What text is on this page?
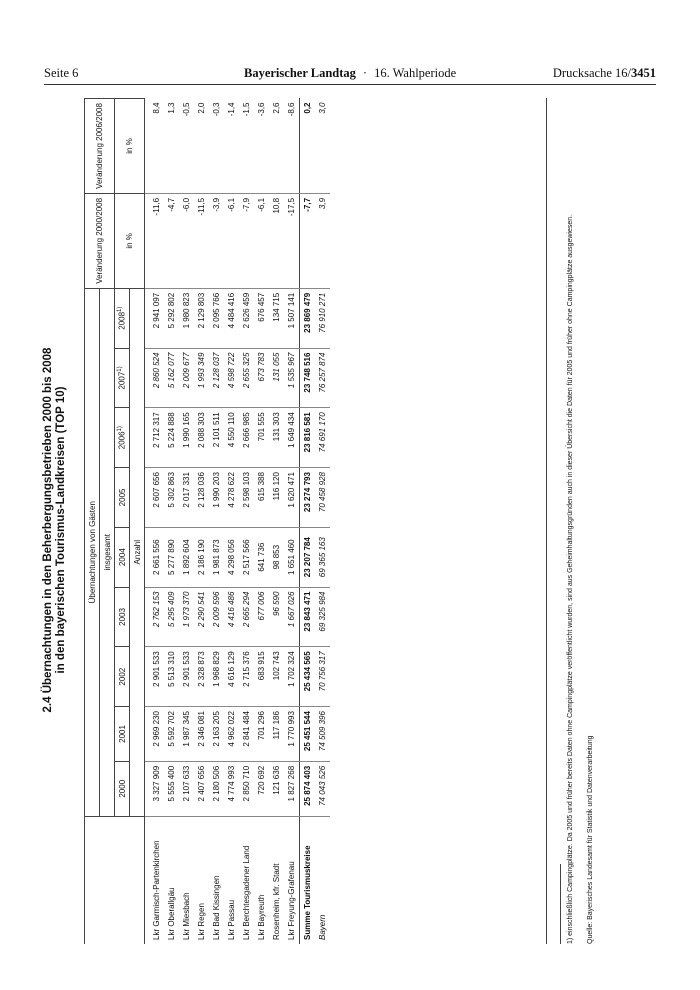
Seite 6	Bayerischer Landtag · 16. Wahlperiode	Drucksache 16/3451
2.4 Übernachtungen in den Beherbergungsbetrieben 2000 bis 2008 in den bayerischen Tourismus-Landkreisen (TOP 10)
		Übernachtungen von Gästen									Veränderung 2000/2008	Veränderung 2006/2008
	insgesamt										
	2000	2001	2002	2003	2004	2005	2006$^{1)}$	2007$^{1)}$	2008$^{1)}$	in %	in %
	Anzahl										
Lkr Garmisch-Partenkirchen	3 327 909	2 969 230	2 901 533	2 762 153	2 661 556	2 607 656	2 712 317	2 860 524	2 941 097	-11,6	8,4
Lkr Oberallgäu	5 555 400	5 592 702	5 513 310	5 295 409	5 277 890	5 302 863	5 224 888	5 162 077	5 292 802	-4,7	1,3
Lkr Miesbach	2 107 633	1 987 345	2 901 533	1 973 370	1 892 604	2 017 331	1 990 165	2 009 677	1 980 823	-6,0	-0,5
Lkr Regen	2 407 656	2 346 081	2 328 873	2 290 541	2 186 190	2 128 036	2 088 303	1 993 349	2 129 803	-11,5	2,0
Lkr Bad Kissingen	2 180 506	2 163 205	1 968 829	2 009 596	1 981 873	1 990 203	2 101 511	2 128 037	2 095 766	-3,9	-0,3
Lkr Passau	4 774 993	4 962 022	4 616 129	4 416 486	4 298 056	4 278 622	4 550 110	4 598 722	4 484 416	-6,1	-1,4
Lkr Berchtesgadener Land	2 850 710	2 841 484	2 715 376	2 665 294	2 517 566	2 598 103	2 666 985	2 655 325	2 626 459	-7,9	-1,5
Lkr Bayreuth	720 692	701 296	683 915	677 006	641 736	615 388	701 555	673 783	676 457	-6,1	-3,6
Rosenheim, kfr. Stadt	121 636	117 186	102 743	96 590	98 853	116 120	131 303	131 055	134 715	10,8	2,6
Lkr Freyung-Grafenau	1 827 268	1 770 993	1 702 324	1 667 026	1 651 460	1 620 471	1 649 434	1 535 967	1 507 141	-17,5	-8,6
Summe Tourismuskreise	25 874 403	25 451 544	25 434 565	23 843 471	23 207 784	23 274 793	23 816 581	23 748 516	23 869 479	-7,7	0,2
Bayern	74 043 526	74 509 396	70 756 317	69 325 984	69 365 163	70 458 928	74 691 170	76 257 874	76 910 271	3,9	3,0
1) einschließlich Campingplätze. Da 2005 und früher bereits Daten ohne Campingplätze veröffentlicht wurden, sind aus Geheimhaltungsgründen auch in dieser Übersicht die Daten für 2005 und früher ohne Campingplätze ausgewiesen.	Quelle: Bayerisches Landesamt für Statistik und Datenverarbeitung
